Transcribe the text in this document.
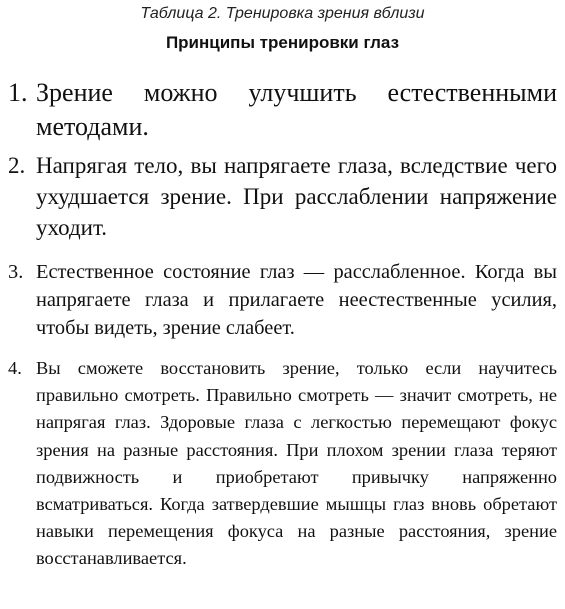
Таблица 2. Тренировка зрения вблизи
Принципы тренировки глаз
1. Зрение можно улучшить естественными методами.
2. Напрягая тело, вы напрягаете глаза, вследствие чего ухудшается зрение. При расслаблении напряжение уходит.
3. Естественное состояние глаз — расслабленное. Когда вы напрягаете глаза и прилагаете неестественные усилия, чтобы видеть, зрение слабеет.
4. Вы сможете восстановить зрение, только если научитесь правильно смотреть. Правильно смотреть — значит смотреть, не напрягая глаз. Здоровые глаза с легкостью перемещают фокус зрения на разные расстояния. При плохом зрении глаза теряют подвижность и приобретают привычку напряженно всматриваться. Когда затвердевшие мышцы глаз вновь обретают навыки перемещения фокуса на разные расстояния, зрение восстанавливается.
